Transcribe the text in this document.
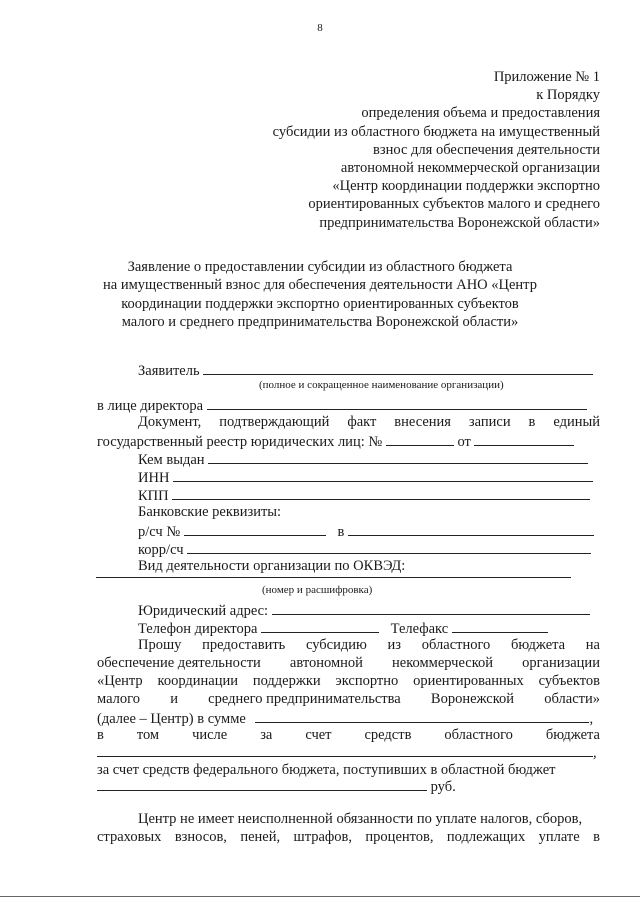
8
Приложение № 1
к Порядку
определения объема и предоставления
субсидии из областного бюджета на имущественный
взнос для обеспечения деятельности
автономной некоммерческой организации
«Центр координации поддержки экспортно
ориентированных субъектов малого и среднего
предпринимательства Воронежской области»
Заявление о предоставлении субсидии из областного бюджета
на имущественный взнос для обеспечения деятельности АНО «Центр
координации поддержки экспортно ориентированных субъектов
малого и среднего предпринимательства Воронежской области»
Заявитель
(полное и сокращенное наименование организации)
в лице директора
Документ, подтверждающий факт внесения записи в единый
государственный реестр юридических лиц: №	от
Кем выдан
ИНН
КПП
Банковские реквизиты:
р/сч №	в
корр/сч
Вид деятельности организации по ОКВЭД:
(номер и расшифровка)
Юридический адрес:
Телефон директора	Телефакс
Прошу предоставить субсидию из областного бюджета на
обеспечение деятельности автономной некоммерческой организации
«Центр координации поддержки экспортно ориентированных субъектов
малого и среднего предпринимательства Воронежской области»
(далее – Центр) в сумме	,
в том числе за счет средств областного бюджета
,
за счет средств федерального бюджета, поступивших в областной бюджет
руб.
Центр не имеет неисполненной обязанности по уплате налогов, сборов,
страховых взносов, пеней, штрафов, процентов, подлежащих уплате в
